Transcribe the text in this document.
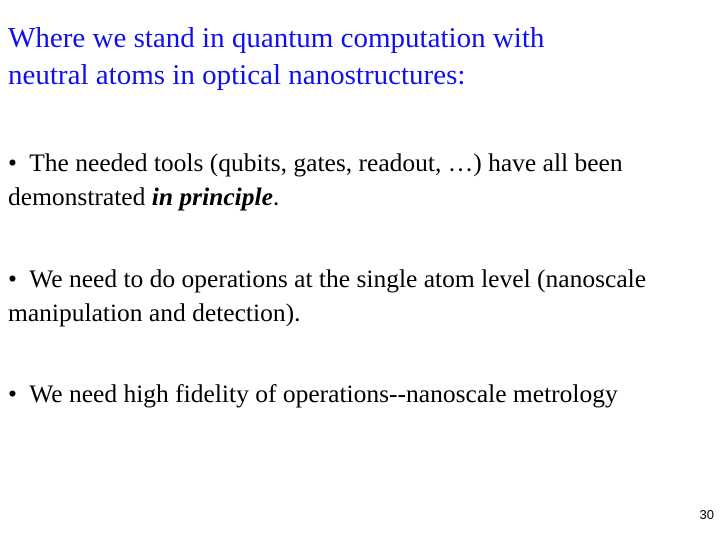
Where we stand in quantum computation with
neutral atoms in optical nanostructures:

• The needed tools (qubits, gates, readout, …) have all been demonstrated in principle.

• We need to do operations at the single atom level (nanoscale manipulation and detection).

• We need high fidelity of operations--nanoscale metrology

30
